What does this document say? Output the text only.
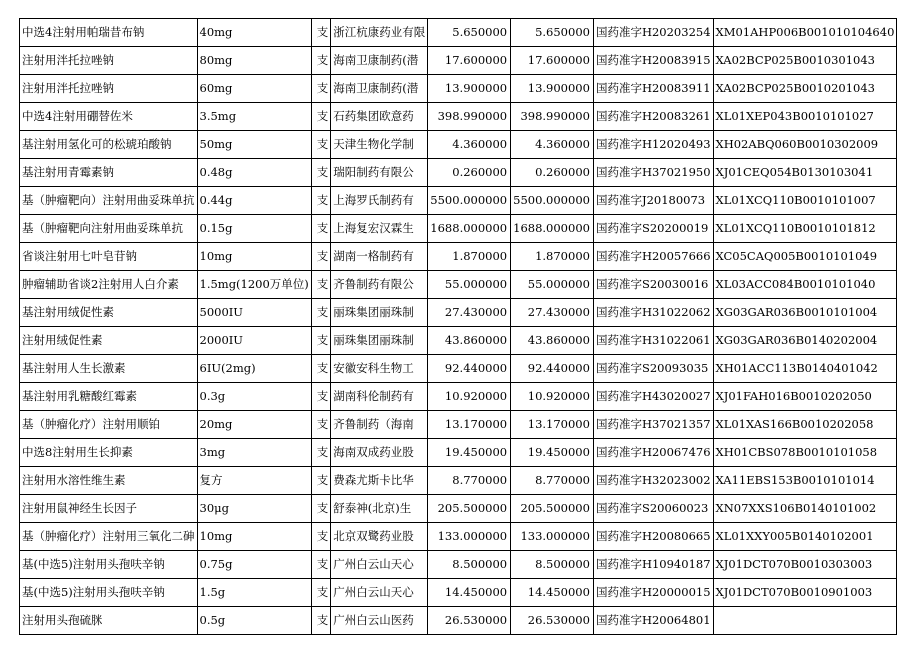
中选4注射用帕瑞昔布钠	40mg	支	浙江杭康药业有限	5.650000	5.650000	国药准字H20203254	XM01AHP006B001010104640
注射用泮托拉唑钠	80mg	支	海南卫康制药(潜	17.600000	17.600000	国药准字H20083915	XA02BCP025B0010301043
注射用泮托拉唑钠	60mg	支	海南卫康制药(潜	13.900000	13.900000	国药准字H20083911	XA02BCP025B0010201043
中选4注射用硼替佐米	3.5mg	支	石药集团欧意药	398.990000	398.990000	国药准字H20083261	XL01XEP043B0010101027
基注射用氢化可的松琥珀酸钠	50mg	支	天津生物化学制	4.360000	4.360000	国药准字H12020493	XH02ABQ060B0010302009
基注射用青霉素钠	0.48g	支	瑞阳制药有限公	0.260000	0.260000	国药准字H37021950	XJ01CEQ054B0130103041
基（肿瘤靶向）注射用曲妥珠单抗	0.44g	支	上海罗氏制药有	5500.000000	5500.000000	国药准字J20180073	XL01XCQ110B0010101007
基（肿瘤靶向注射用曲妥珠单抗	0.15g	支	上海复宏汉霖生	1688.000000	1688.000000	国药准字S20200019	XL01XCQ110B0010101812
省谈注射用七叶皂苷钠	10mg	支	湖南一格制药有	1.870000	1.870000	国药准字H20057666	XC05CAQ005B0010101049
肿瘤辅助省谈2注射用人白介素	1.5mg(1200万单位)	支	齐鲁制药有限公	55.000000	55.000000	国药准字S20030016	XL03ACC084B0010101040
基注射用绒促性素	5000IU	支	丽珠集团丽珠制	27.430000	27.430000	国药准字H31022062	XG03GAR036B0010101004
注射用绒促性素	2000IU	支	丽珠集团丽珠制	43.860000	43.860000	国药准字H31022061	XG03GAR036B0140202004
基注射用人生长激素	6IU(2mg)	支	安徽安科生物工	92.440000	92.440000	国药准字S20093035	XH01ACC113B0140401042
基注射用乳糖酸红霉素	0.3g	支	湖南科伦制药有	10.920000	10.920000	国药准字H43020027	XJ01FAH016B0010202050
基（肿瘤化疗）注射用顺铂	20mg	支	齐鲁制药（海南	13.170000	13.170000	国药准字H37021357	XL01XAS166B0010202058
中选8注射用生长抑素	3mg	支	海南双成药业股	19.450000	19.450000	国药准字H20067476	XH01CBS078B0010101058
注射用水溶性维生素	复方	支	费森尤斯卡比华	8.770000	8.770000	国药准字H32023002	XA11EBS153B0010101014
注射用鼠神经生长因子	30μg	支	舒泰神(北京)生	205.500000	205.500000	国药准字S20060023	XN07XXS106B0140101002
基（肿瘤化疗）注射用三氧化二砷	10mg	支	北京双鹭药业股	133.000000	133.000000	国药准字H20080665	XL01XXY005B0140102001
基(中选5)注射用头孢呋辛钠	0.75g	支	广州白云山天心	8.500000	8.500000	国药准字H10940187	XJ01DCT070B0010303003
基(中选5)注射用头孢呋辛钠	1.5g	支	广州白云山天心	14.450000	14.450000	国药准字H20000015	XJ01DCT070B0010901003
注射用头孢硫脒	0.5g	支	广州白云山医药	26.530000	26.530000	国药准字H20064801	
